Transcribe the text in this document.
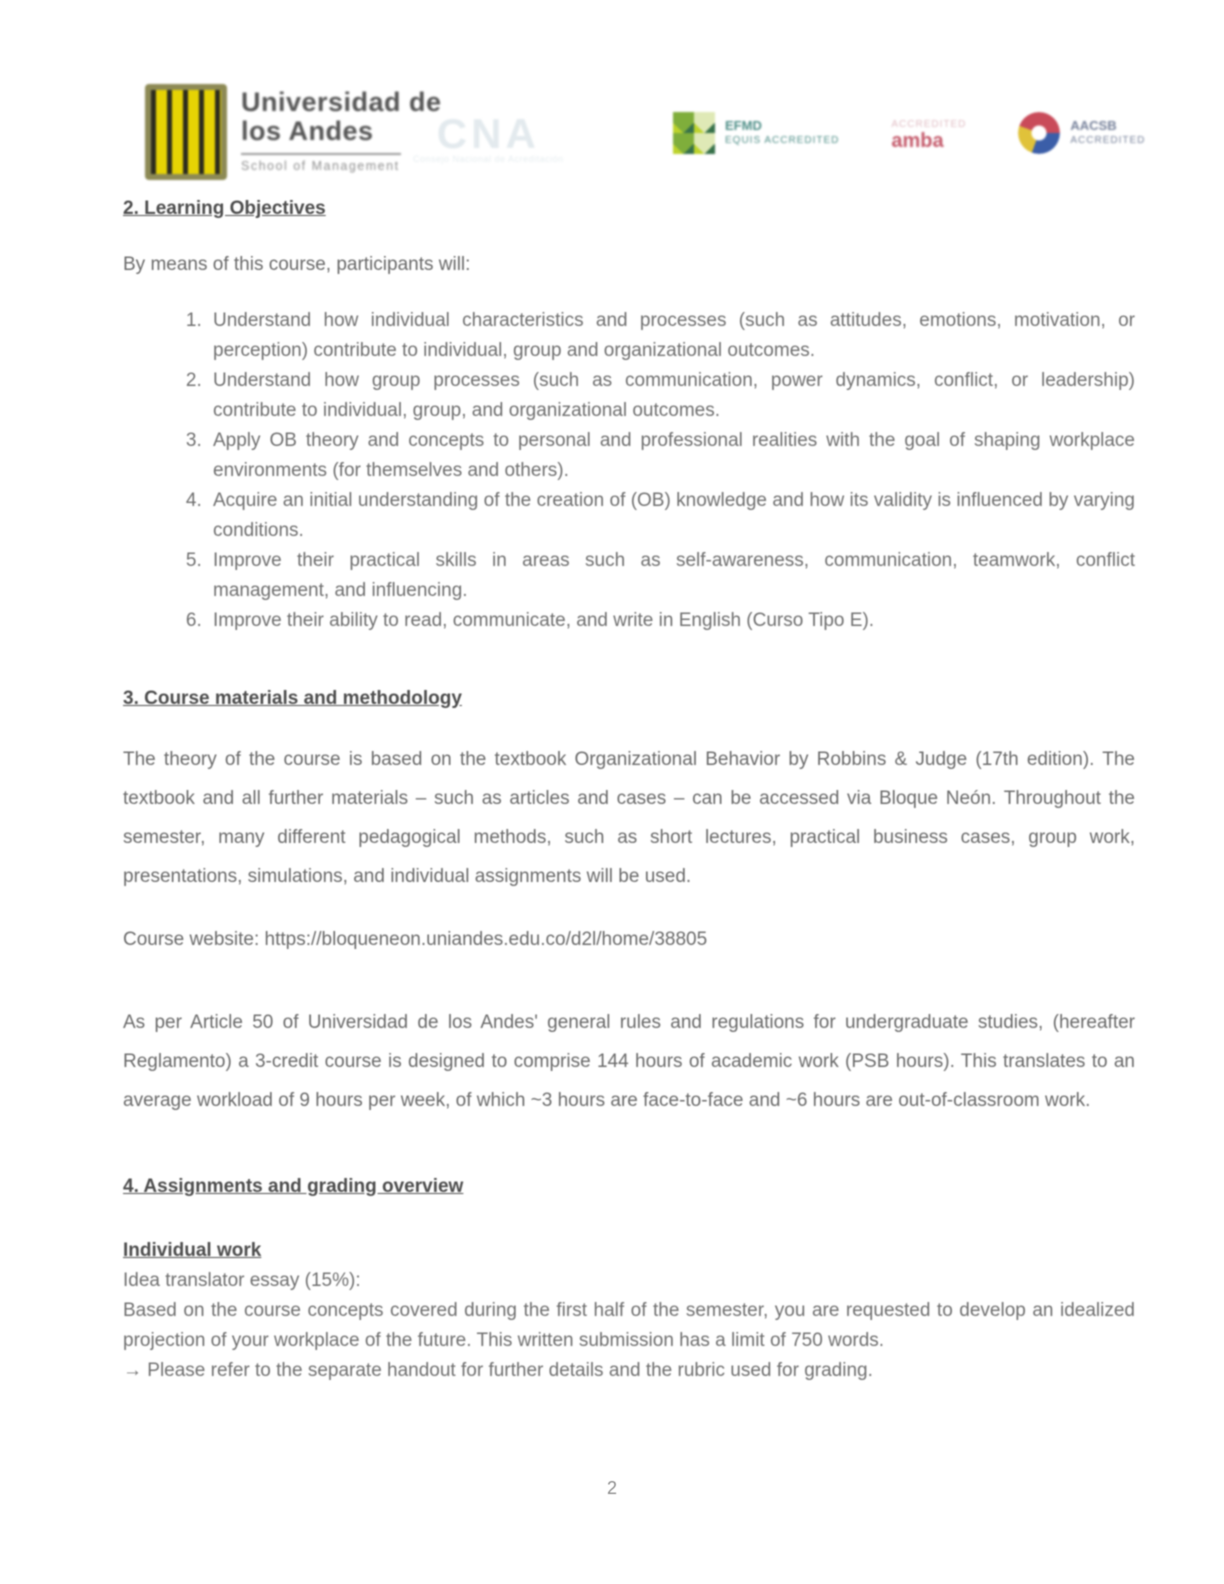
Universidad de
los Andes
School of Management
CNA
Consejo Nacional de Acreditación
EFMD
EQUIS ACCREDITED
ACCREDITED
amba
AACSB
ACCREDITED
2. Learning Objectives
By means of this course, participants will:
1. Understand how individual characteristics and processes (such as attitudes, emotions, motivation, or perception) contribute to individual, group and organizational outcomes.
2. Understand how group processes (such as communication, power dynamics, conflict, or leadership) contribute to individual, group, and organizational outcomes.
3. Apply OB theory and concepts to personal and professional realities with the goal of shaping workplace environments (for themselves and others).
4. Acquire an initial understanding of the creation of (OB) knowledge and how its validity is influenced by varying conditions.
5. Improve their practical skills in areas such as self-awareness, communication, teamwork, conflict management, and influencing.
6. Improve their ability to read, communicate, and write in English (Curso Tipo E).
3. Course materials and methodology
The theory of the course is based on the textbook Organizational Behavior by Robbins & Judge (17th edition). The textbook and all further materials – such as articles and cases – can be accessed via Bloque Neón. Throughout the semester, many different pedagogical methods, such as short lectures, practical business cases, group work, presentations, simulations, and individual assignments will be used.
Course website: https://bloqueneon.uniandes.edu.co/d2l/home/38805
As per Article 50 of Universidad de los Andes' general rules and regulations for undergraduate studies, (hereafter Reglamento) a 3-credit course is designed to comprise 144 hours of academic work (PSB hours). This translates to an average workload of 9 hours per week, of which ~3 hours are face-to-face and ~6 hours are out-of-classroom work.
4. Assignments and grading overview
Individual work
Idea translator essay (15%):
Based on the course concepts covered during the first half of the semester, you are requested to develop an idealized projection of your workplace of the future. This written submission has a limit of 750 words.
→ Please refer to the separate handout for further details and the rubric used for grading.
2
